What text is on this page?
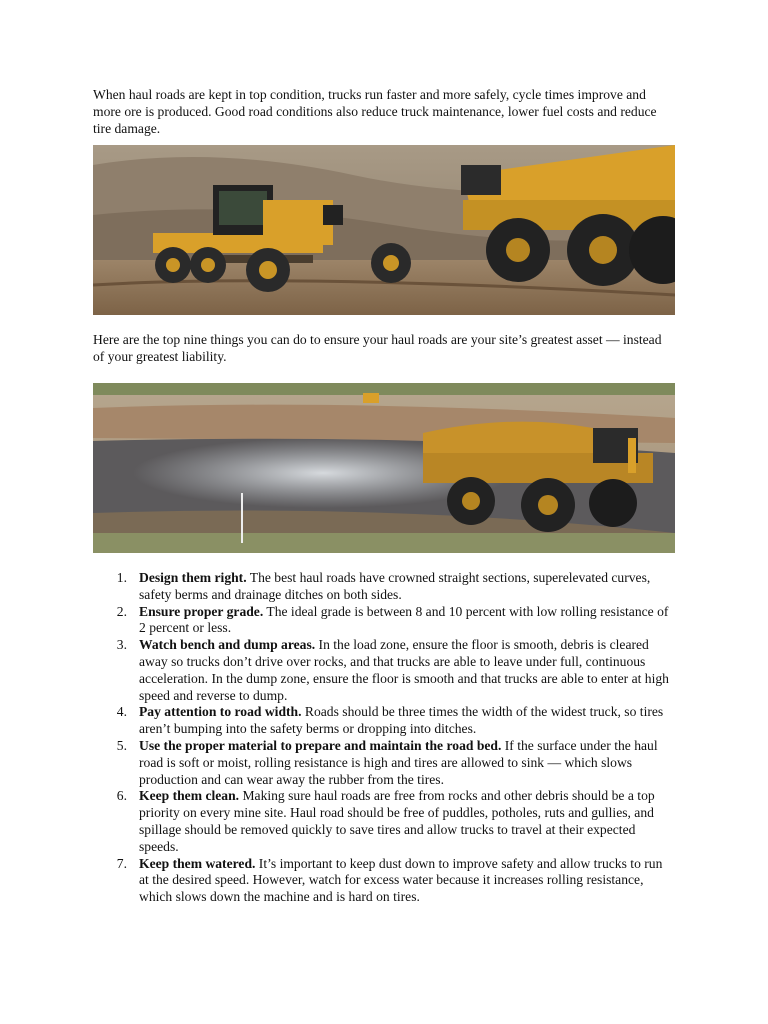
When haul roads are kept in top condition, trucks run faster and more safely, cycle times improve and more ore is produced. Good road conditions also reduce truck maintenance, lower fuel costs and reduce tire damage.

Here are the top nine things you can do to ensure your haul roads are your site’s greatest asset — instead of your greatest liability.

1. Design them right. The best haul roads have crowned straight sections, superelevated curves, safety berms and drainage ditches on both sides.
2. Ensure proper grade. The ideal grade is between 8 and 10 percent with low rolling resistance of 2 percent or less.
3. Watch bench and dump areas. In the load zone, ensure the floor is smooth, debris is cleared away so trucks don’t drive over rocks, and that trucks are able to leave under full, continuous acceleration. In the dump zone, ensure the floor is smooth and that trucks are able to enter at high speed and reverse to dump.
4. Pay attention to road width. Roads should be three times the width of the widest truck, so tires aren’t bumping into the safety berms or dropping into ditches.
5. Use the proper material to prepare and maintain the road bed. If the surface under the haul road is soft or moist, rolling resistance is high and tires are allowed to sink — which slows production and can wear away the rubber from the tires.
6. Keep them clean. Making sure haul roads are free from rocks and other debris should be a top priority on every mine site. Haul road should be free of puddles, potholes, ruts and gullies, and spillage should be removed quickly to save tires and allow trucks to travel at their expected speeds.
7. Keep them watered. It’s important to keep dust down to improve safety and allow trucks to run at the desired speed. However, watch for excess water because it increases rolling resistance, which slows down the machine and is hard on tires.
